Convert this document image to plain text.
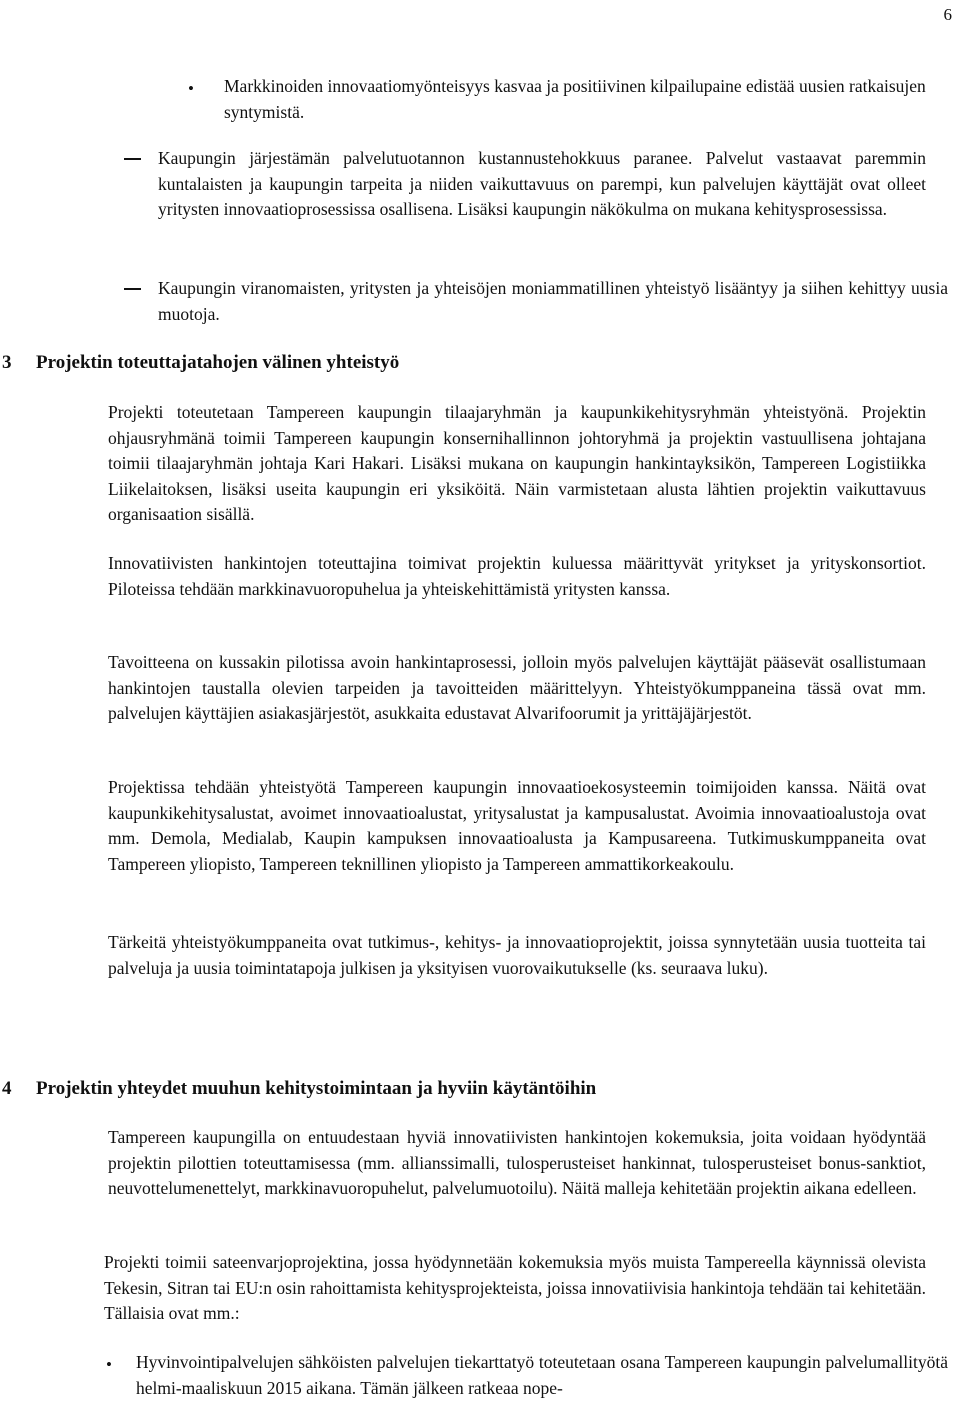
6
• Markkinoiden innovaatiomyönteisyys kasvaa ja positiivinen kilpailupaine edistää uusien ratkaisujen syntymistä.

Kaupungin järjestämän palvelutuotannon kustannustehokkuus paranee. Palvelut vastaavat paremmin kuntalaisten ja kaupungin tarpeita ja niiden vaikuttavuus on parempi, kun palvelujen käyttäjät ovat olleet yritysten innovaatioprosessissa osallisena. Lisäksi kaupungin näkökulma on mukana kehitysprosessissa.

Kaupungin viranomaisten, yritysten ja yhteisöjen moniammatillinen yhteistyö lisääntyy ja siihen kehittyy uusia muotoja.

3 Projektin toteuttajatahojen välinen yhteistyö

Projekti toteutetaan Tampereen kaupungin tilaajaryhmän ja kaupunkikehitysryhmän yhteistyönä. Projektin ohjausryhmänä toimii Tampereen kaupungin konsernihallinnon johtoryhmä ja projektin vastuullisena johtajana toimii tilaajaryhmän johtaja Kari Hakari. Lisäksi mukana on kaupungin hankintayksikön, Tampereen Logistiikka Liikelaitoksen, lisäksi useita kaupungin eri yksiköitä. Näin varmistetaan alusta lähtien projektin vaikuttavuus organisaation sisällä.

Innovatiivisten hankintojen toteuttajina toimivat projektin kuluessa määrittyvät yritykset ja yrityskonsortiot. Piloteissa tehdään markkinavuoropuhelua ja yhteiskehittämistä yritysten kanssa.

Tavoitteena on kussakin pilotissa avoin hankintaprosessi, jolloin myös palvelujen käyttäjät pääsevät osallistumaan hankintojen taustalla olevien tarpeiden ja tavoitteiden määrittelyyn. Yhteistyökumppaneina tässä ovat mm. palvelujen käyttäjien asiakasjärjestöt, asukkaita edustavat Alvarifoorumit ja yrittäjäjärjestöt.

Projektissa tehdään yhteistyötä Tampereen kaupungin innovaatioekosysteemin toimijoiden kanssa. Näitä ovat kaupunkikehitysalustat, avoimet innovaatioalustat, yritysalustat ja kampusalustat. Avoimia innovaatioalustoja ovat mm. Demola, Medialab, Kaupin kampuksen innovaatioalusta ja Kampusareena. Tutkimuskumppaneita ovat Tampereen yliopisto, Tampereen teknillinen yliopisto ja Tampereen ammattikorkeakoulu.

Tärkeitä yhteistyökumppaneita ovat tutkimus-, kehitys- ja innovaatioprojektit, joissa synnytetään uusia tuotteita tai palveluja ja uusia toimintatapoja julkisen ja yksityisen vuorovaikutukselle (ks. seuraava luku).

4 Projektin yhteydet muuhun kehitystoimintaan ja hyviin käytäntöihin

Tampereen kaupungilla on entuudestaan hyviä innovatiivisten hankintojen kokemuksia, joita voidaan hyödyntää projektin pilottien toteuttamisessa (mm. allianssimalli, tulosperusteiset hankinnat, tulosperusteiset bonus-sanktiot, neuvottelumenettelyt, markkinavuoropuhelut, palvelumuotoilu). Näitä malleja kehitetään projektin aikana edelleen.

Projekti toimii sateenvarjoprojektina, jossa hyödynnetään kokemuksia myös muista Tampereella käynnissä olevista Tekesin, Sitran tai EU:n osin rahoittamista kehitysprojekteista, joissa innovatiivisia hankintoja tehdään tai kehitetään. Tällaisia ovat mm.:

• Hyvinvointipalvelujen sähköisten palvelujen tiekarttatyö toteutetaan osana Tampereen kaupungin palvelumallityötä helmi-maaliskuun 2015 aikana. Tämän jälkeen ratkeaa nope-
